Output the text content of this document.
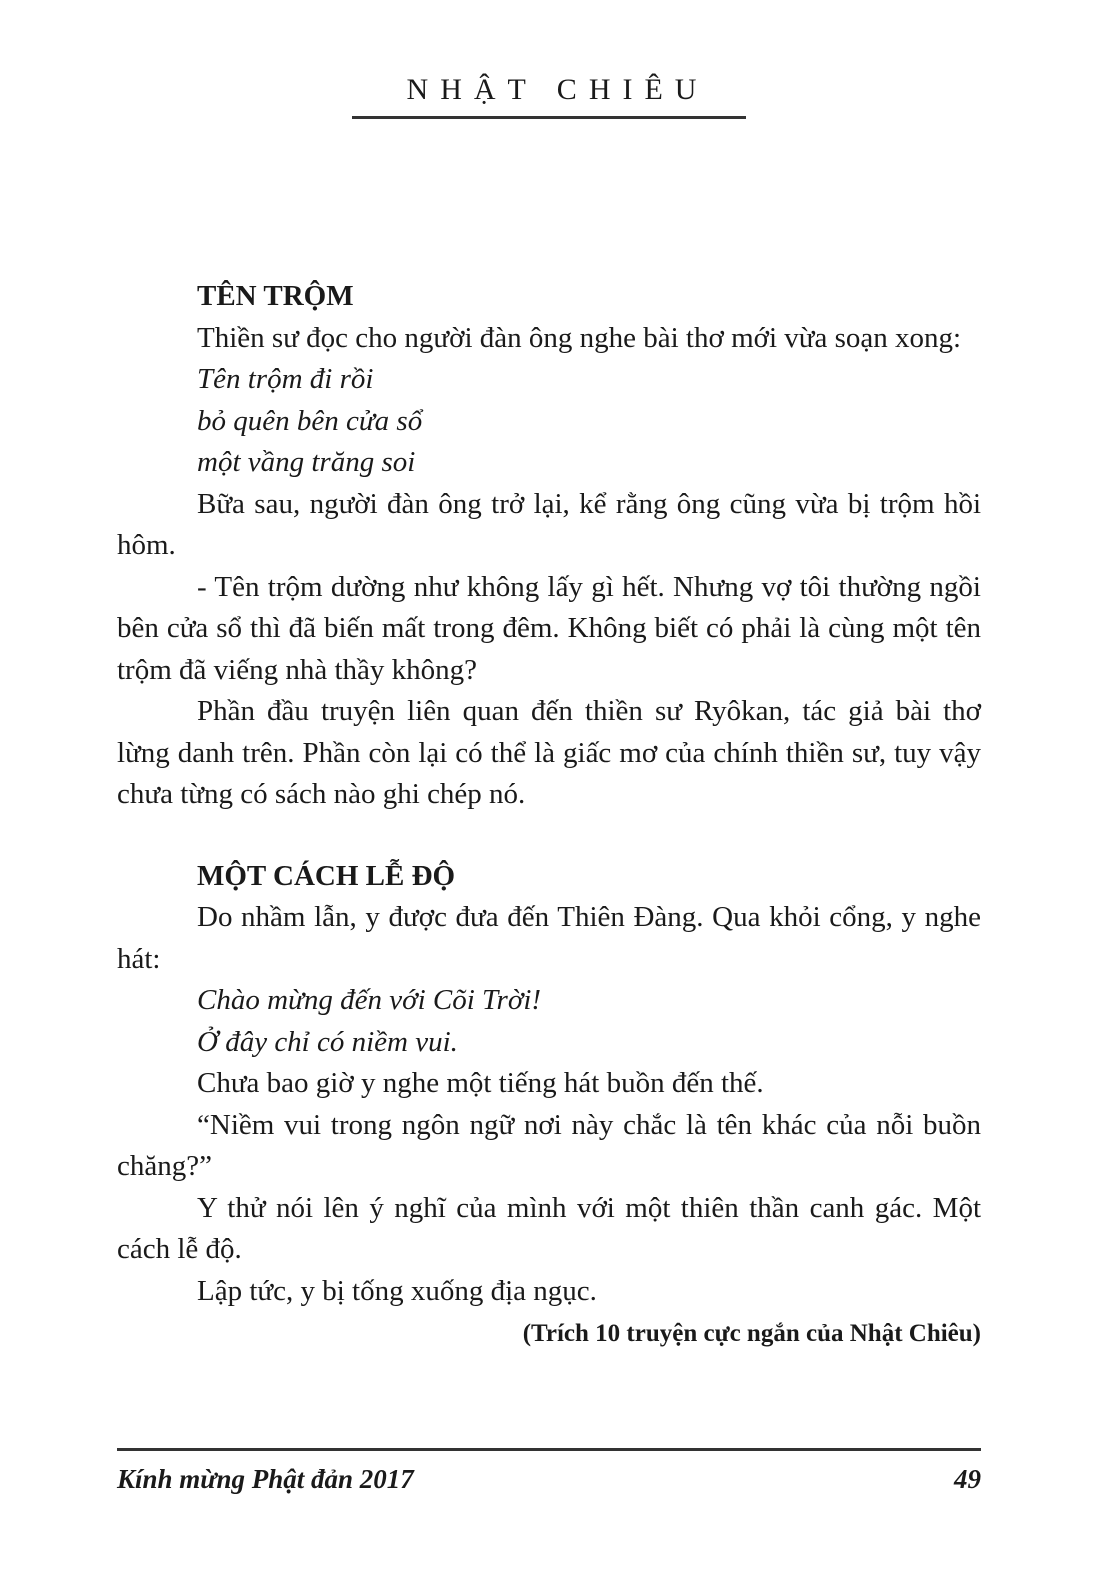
NHẬT CHIÊU

TÊN TRỘM

Thiền sư đọc cho người đàn ông nghe bài thơ mới vừa soạn xong:

Tên trộm đi rồi

bỏ quên bên cửa sổ

một vầng trăng soi

Bữa sau, người đàn ông trở lại, kể rằng ông cũng vừa bị trộm hồi hôm.

- Tên trộm dường như không lấy gì hết. Nhưng vợ tôi thường ngồi bên cửa sổ thì đã biến mất trong đêm. Không biết có phải là cùng một tên trộm đã viếng nhà thầy không?

Phần đầu truyện liên quan đến thiền sư Ryôkan, tác giả bài thơ lừng danh trên. Phần còn lại có thể là giấc mơ của chính thiền sư, tuy vậy chưa từng có sách nào ghi chép nó.

MỘT CÁCH LỄ ĐỘ

Do nhầm lẫn, y được đưa đến Thiên Đàng. Qua khỏi cổng, y nghe hát:

Chào mừng đến với Cõi Trời!

Ở đây chỉ có niềm vui.

Chưa bao giờ y nghe một tiếng hát buồn đến thế.

“Niềm vui trong ngôn ngữ nơi này chắc là tên khác của nỗi buồn chăng?”

Y thử nói lên ý nghĩ của mình với một thiên thần canh gác. Một cách lễ độ.

Lập tức, y bị tống xuống địa ngục.

(Trích 10 truyện cực ngắn của Nhật Chiêu)

Kính mừng Phật đản 2017	49
